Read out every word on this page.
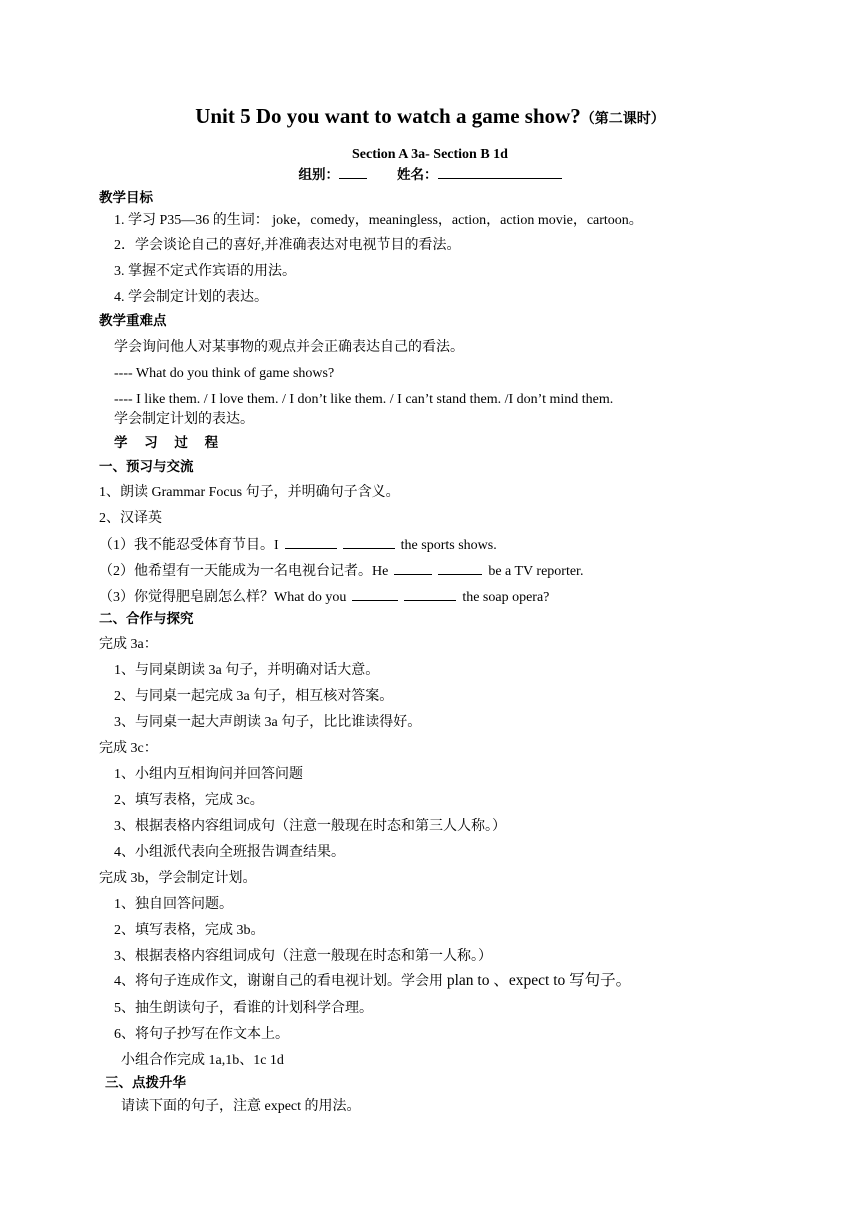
Unit 5 Do you want to watch a game show?（第二课时）
Section A 3a- Section B 1d
组别：	姓名：
教学目标
1. 学习 P35—36 的生词： joke，comedy，meaningless，action，action movie，cartoon。
2．学会谈论自己的喜好,并准确表达对电视节目的看法。
3. 掌握不定式作宾语的用法。
4. 学会制定计划的表达。
教学重难点
学会询问他人对某事物的观点并会正确表达自己的看法。
---- What do you think of game shows?
---- I like them. / I love them. / I don’t like them. / I can’t stand them. /I don’t mind them.
学会制定计划的表达。
学 习 过 程
一、预习与交流
1、朗读 Grammar Focus 句子，并明确句子含义。
2、汉译英
（1）我不能忍受体育节目。I	the sports shows.
（2）他希望有一天能成为一名电视台记者。He	be a TV reporter.
（3）你觉得肥皂剧怎么样？What do you	the soap opera?
二、合作与探究
完成 3a：
1、与同桌朗读 3a 句子，并明确对话大意。
2、与同桌一起完成 3a 句子，相互核对答案。
3、与同桌一起大声朗读 3a 句子，比比谁读得好。
完成 3c：
1、小组内互相询问并回答问题
2、填写表格，完成 3c。
3、根据表格内容组词成句（注意一般现在时态和第三人人称。）
4、小组派代表向全班报告调查结果。
完成 3b，学会制定计划。
1、独自回答问题。
2、填写表格，完成 3b。
3、根据表格内容组词成句（注意一般现在时态和第一人称。）
4、将句子连成作文，谢谢自己的看电视计划。学会用 plan to 、expect to 写句子。
5、抽生朗读句子，看谁的计划科学合理。
6、将句子抄写在作文本上。
小组合作完成 1a,1b、1c 1d
三、点拨升华
请读下面的句子，注意 expect 的用法。
